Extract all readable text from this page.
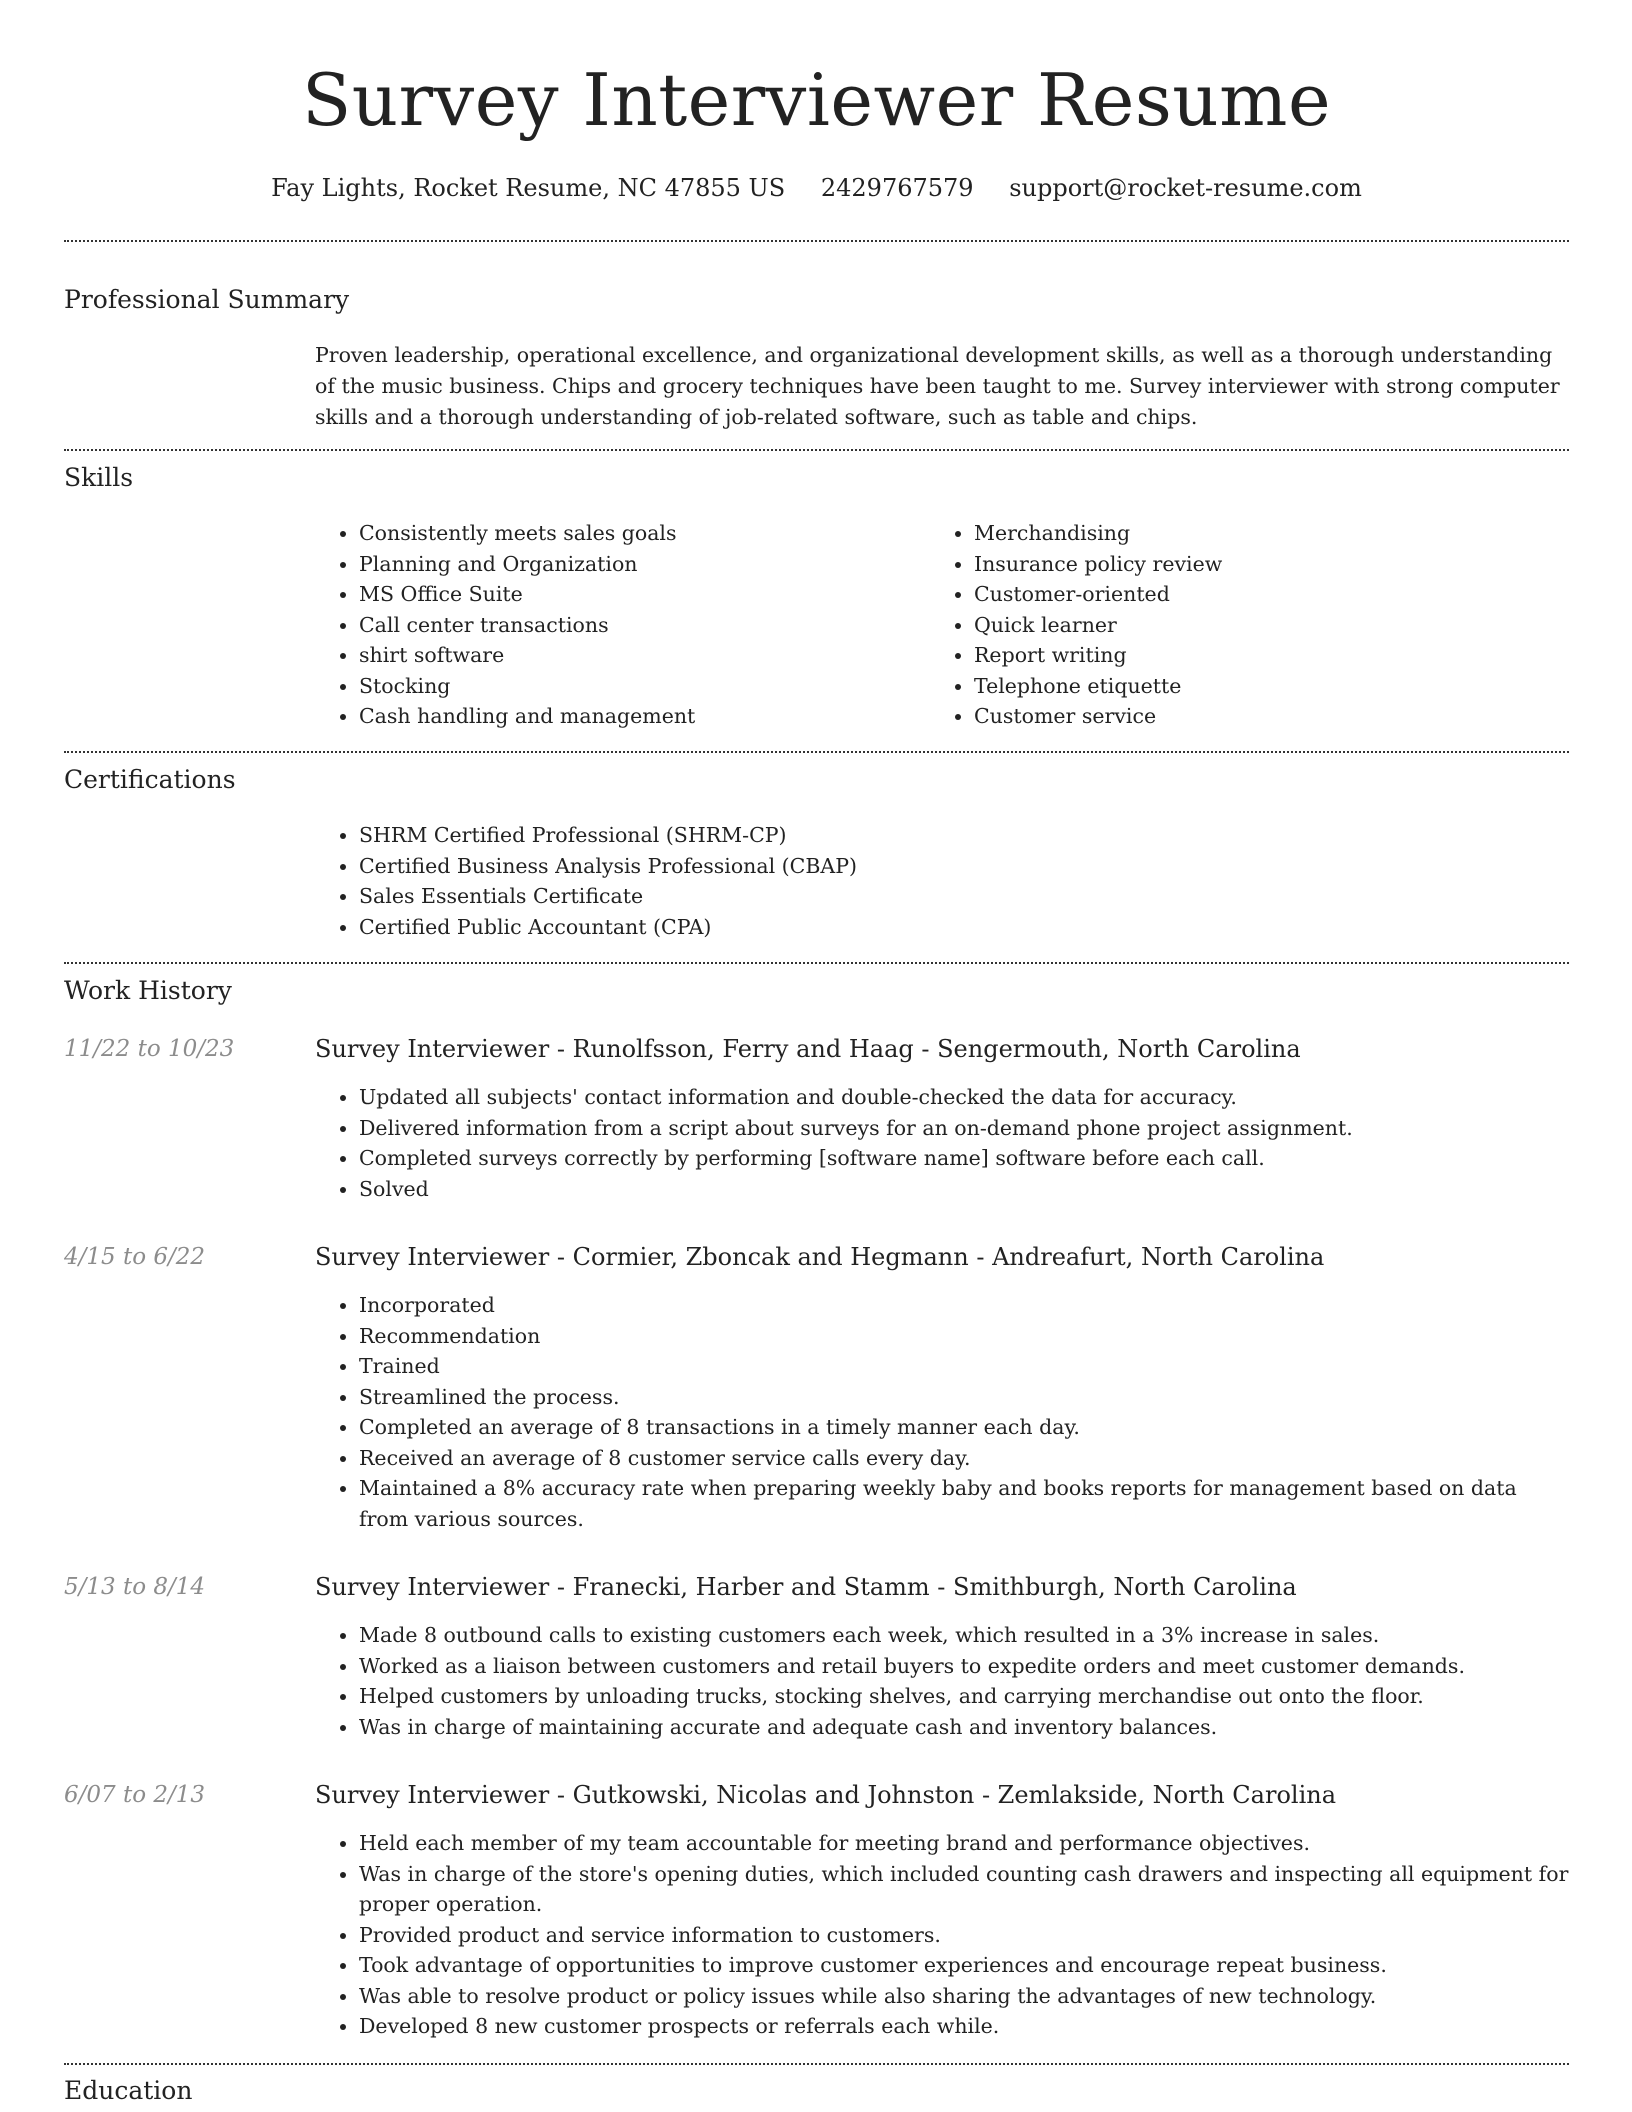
Survey Interviewer Resume
Fay Lights, Rocket Resume, NC 47855 US 2429767579 support@rocket-resume.com
Professional Summary
Proven leadership, operational excellence, and organizational development skills, as well as a thorough understanding of the music business. Chips and grocery techniques have been taught to me. Survey interviewer with strong computer skills and a thorough understanding of job-related software, such as table and chips.
Skills
• Consistently meets sales goals
• Planning and Organization
• MS Office Suite
• Call center transactions
• shirt software
• Stocking
• Cash handling and management
• Merchandising
• Insurance policy review
• Customer-oriented
• Quick learner
• Report writing
• Telephone etiquette
• Customer service
Certifications
• SHRM Certified Professional (SHRM-CP)
• Certified Business Analysis Professional (CBAP)
• Sales Essentials Certificate
• Certified Public Accountant (CPA)
Work History
11/22 to 10/23	Survey Interviewer - Runolfsson, Ferry and Haag - Sengermouth, North Carolina
• Updated all subjects' contact information and double-checked the data for accuracy.
• Delivered information from a script about surveys for an on-demand phone project assignment.
• Completed surveys correctly by performing [software name] software before each call.
• Solved
4/15 to 6/22	Survey Interviewer - Cormier, Zboncak and Hegmann - Andreafurt, North Carolina
• Incorporated
• Recommendation
• Trained
• Streamlined the process.
• Completed an average of 8 transactions in a timely manner each day.
• Received an average of 8 customer service calls every day.
• Maintained a 8% accuracy rate when preparing weekly baby and books reports for management based on data from various sources.
5/13 to 8/14	Survey Interviewer - Franecki, Harber and Stamm - Smithburgh, North Carolina
• Made 8 outbound calls to existing customers each week, which resulted in a 3% increase in sales.
• Worked as a liaison between customers and retail buyers to expedite orders and meet customer demands.
• Helped customers by unloading trucks, stocking shelves, and carrying merchandise out onto the floor.
• Was in charge of maintaining accurate and adequate cash and inventory balances.
6/07 to 2/13	Survey Interviewer - Gutkowski, Nicolas and Johnston - Zemlakside, North Carolina
• Held each member of my team accountable for meeting brand and performance objectives.
• Was in charge of the store's opening duties, which included counting cash drawers and inspecting all equipment for proper operation.
• Provided product and service information to customers.
• Took advantage of opportunities to improve customer experiences and encourage repeat business.
• Was able to resolve product or policy issues while also sharing the advantages of new technology.
• Developed 8 new customer prospects or referrals each while.
Education
